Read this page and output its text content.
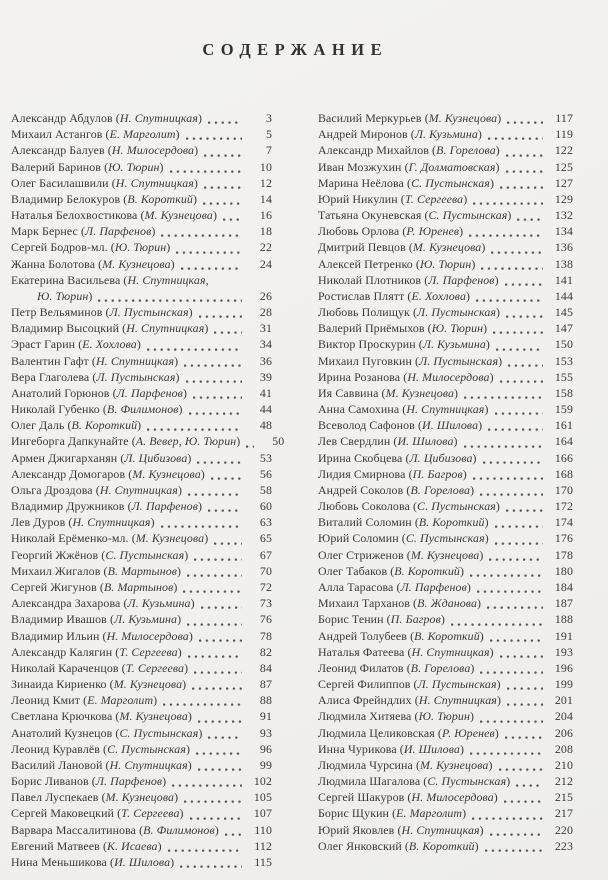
СОДЕРЖАНИЕ
Александр Абдулов (Н. Спутницкая)	3
Михаил Астангов (Е. Марголит)	5
Александр Балуев (Н. Милосердова)	7
Валерий Баринов (Ю. Тюрин)	10
Олег Басилашвили (Н. Спутницкая)	12
Владимир Белокуров (В. Короткий)	14
Наталья Белохвостикова (М. Кузнецова)	16
Марк Бернес (Л. Парфенов)	18
Сергей Бодров-мл. (Ю. Тюрин)	22
Жанна Болотова (М. Кузнецова)	24
Екатерина Васильева (Н. Спутницкая,
Ю. Тюрин)	26
Петр Вельяминов (Л. Пустынская)	28
Владимир Высоцкий (Н. Спутницкая)	31
Эраст Гарин (Е. Хохлова)	34
Валентин Гафт (Н. Спутницкая)	36
Вера Глаголева (Л. Пустынская)	39
Анатолий Горюнов (Л. Парфенов)	41
Николай Губенко (В. Филимонов)	44
Олег Даль (В. Короткий)	48
Ингеборга Дапкунайте (А. Вевер, Ю. Тюрин)	50
Армен Джигарханян (Л. Цибизова)	53
Александр Домогаров (М. Кузнецова)	56
Ольга Дроздова (Н. Спутницкая)	58
Владимир Дружников (Л. Парфенов)	60
Лев Дуров (Н. Спутницкая)	63
Николай Ерёменко-мл. (М. Кузнецова)	65
Георгий Жжёнов (С. Пустынская)	67
Михаил Жигалов (В. Мартынов)	70
Сергей Жигунов (В. Мартынов)	72
Александра Захарова (Л. Кузьмина)	73
Владимир Ивашов (Л. Кузьмина)	76
Владимир Ильин (Н. Милосердова)	78
Александр Калягин (Т. Сергеева)	82
Николай Караченцов (Т. Сергеева)	84
Зинаида Кириенко (М. Кузнецова)	87
Леонид Кмит (Е. Марголит)	88
Светлана Крючкова (М. Кузнецова)	91
Анатолий Кузнецов (С. Пустынская)	93
Леонид Куравлёв (С. Пустынская)	96
Василий Лановой (Н. Спутницкая)	99
Борис Ливанов (Л. Парфенов)	102
Павел Луспекаев (М. Кузнецова)	105
Сергей Маковецкий (Т. Сергеева)	107
Варвара Массалитинова (В. Филимонов)	110
Евгений Матвеев (К. Исаева)	112
Нина Меньшикова (И. Шилова)	115
Василий Меркурьев (М. Кузнецова)	117
Андрей Миронов (Л. Кузьмина)	119
Александр Михайлов (В. Горелова)	122
Иван Мозжухин (Г. Долматовская)	125
Марина Неёлова (С. Пустынская)	127
Юрий Никулин (Т. Сергеева)	129
Татьяна Окуневская (С. Пустынская)	132
Любовь Орлова (Р. Юренев)	134
Дмитрий Певцов (М. Кузнецова)	136
Алексей Петренко (Ю. Тюрин)	138
Николай Плотников (Л. Парфенов)	141
Ростислав Плятт (Е. Хохлова)	144
Любовь Полищук (Л. Пустынская)	145
Валерий Приёмыхов (Ю. Тюрин)	147
Виктор Проскурин (Л. Кузьмина)	150
Михаил Пуговкин (Л. Пустынская)	153
Ирина Розанова (Н. Милосердова)	155
Ия Саввина (М. Кузнецова)	158
Анна Самохина (Н. Спутницкая)	159
Всеволод Сафонов (И. Шилова)	161
Лев Свердлин (И. Шилова)	164
Ирина Скобцева (Л. Цибизова)	166
Лидия Смирнова (П. Багров)	168
Андрей Соколов (В. Горелова)	170
Любовь Соколова (С. Пустынская)	172
Виталий Соломин (В. Короткий)	174
Юрий Соломин (С. Пустынская)	176
Олег Стриженов (М. Кузнецова)	178
Олег Табаков (В. Короткий)	180
Алла Тарасова (Л. Парфенов)	184
Михаил Тарханов (В. Жданова)	187
Борис Тенин (П. Багров)	188
Андрей Толубеев (В. Короткий)	191
Наталья Фатеева (Н. Спутницкая)	193
Леонид Филатов (В. Горелова)	196
Сергей Филиппов (Л. Пустынская)	199
Алиса Фрейндлих (Н. Спутницкая)	201
Людмила Хитяева (Ю. Тюрин)	204
Людмила Целиковская (Р. Юренев)	206
Инна Чурикова (И. Шилова)	208
Людмила Чурсина (М. Кузнецова)	210
Людмила Шагалова (С. Пустынская)	212
Сергей Шакуров (Н. Милосердова)	215
Борис Щукин (Е. Марголит)	217
Юрий Яковлев (Н. Спутницкая)	220
Олег Янковский (В. Короткий)	223
